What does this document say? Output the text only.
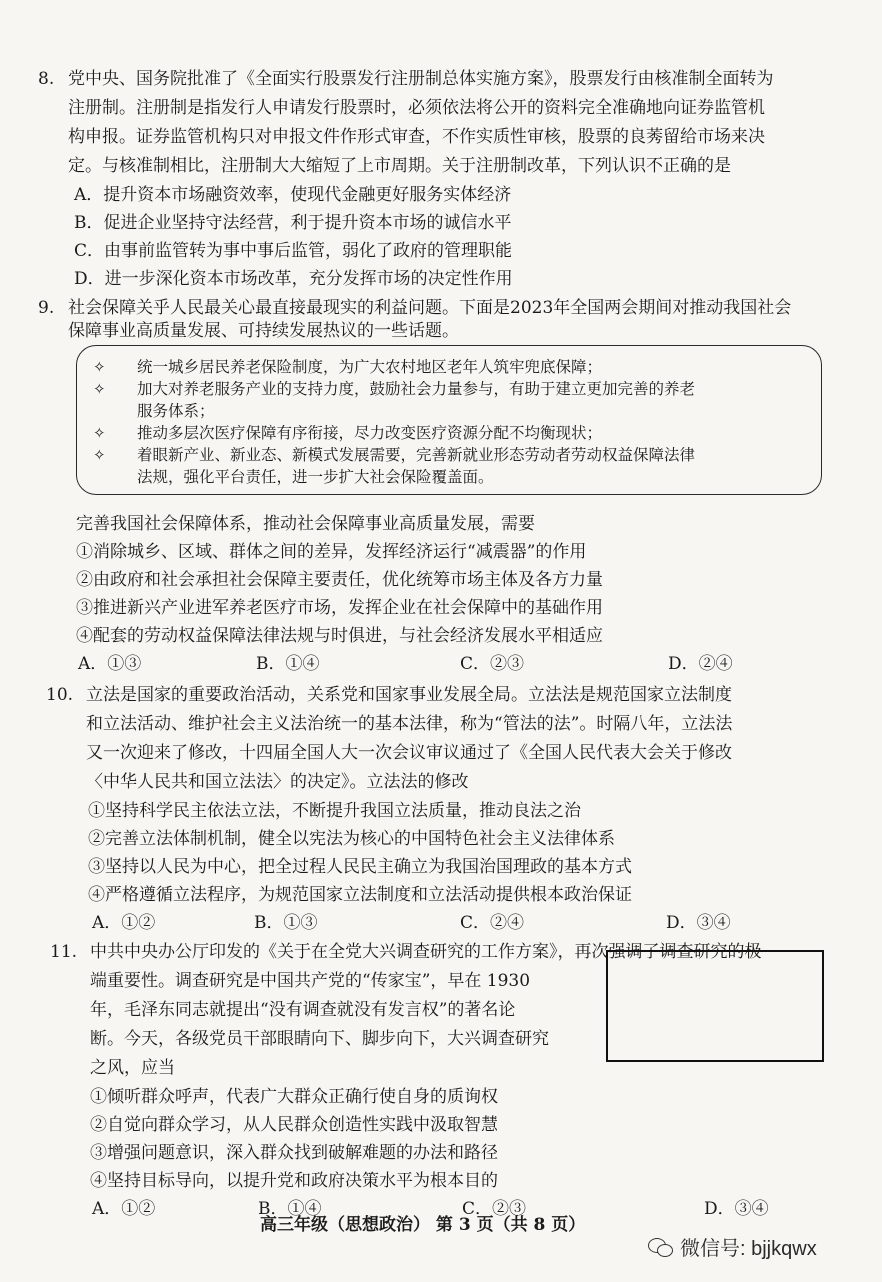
8. 党中央、国务院批准了《全面实行股票发行注册制总体实施方案》，股票发行由核准制全面转为
注册制。注册制是指发行人申请发行股票时，必须依法将公开的资料完全准确地向证券监管机
构申报。证券监管机构只对申报文件作形式审查，不作实质性审核，股票的良莠留给市场来决
定。与核准制相比，注册制大大缩短了上市周期。关于注册制改革，下列认识不正确的是
A．提升资本市场融资效率，使现代金融更好服务实体经济
B．促进企业坚持守法经营，利于提升资本市场的诚信水平
C．由事前监管转为事中事后监管，弱化了政府的管理职能
D．进一步深化资本市场改革，充分发挥市场的决定性作用
9. 社会保障关乎人民最关心最直接最现实的利益问题。下面是2023年全国两会期间对推动我国社会
保障事业高质量发展、可持续发展热议的一些话题。
✧ 统一城乡居民养老保险制度，为广大农村地区老年人筑牢兜底保障；
✧ 加大对养老服务产业的支持力度，鼓励社会力量参与，有助于建立更加完善的养老
服务体系；
✧ 推动多层次医疗保障有序衔接，尽力改变医疗资源分配不均衡现状；
✧ 着眼新产业、新业态、新模式发展需要，完善新就业形态劳动者劳动权益保障法律
法规，强化平台责任，进一步扩大社会保险覆盖面。
完善我国社会保障体系，推动社会保障事业高质量发展，需要
①消除城乡、区域、群体之间的差异，发挥经济运行“减震器”的作用
②由政府和社会承担社会保障主要责任，优化统筹市场主体及各方力量
③推进新兴产业进军养老医疗市场，发挥企业在社会保障中的基础作用
④配套的劳动权益保障法律法规与时俱进，与社会经济发展水平相适应
A．①③	B．①④	C．②③	D．②④
10. 立法是国家的重要政治活动，关系党和国家事业发展全局。立法法是规范国家立法制度
和立法活动、维护社会主义法治统一的基本法律，称为“管法的法”。时隔八年，立法法
又一次迎来了修改，十四届全国人大一次会议审议通过了《全国人民代表大会关于修改
〈中华人民共和国立法法〉的决定》。立法法的修改
①坚持科学民主依法立法，不断提升我国立法质量，推动良法之治
②完善立法体制机制，健全以宪法为核心的中国特色社会主义法律体系
③坚持以人民为中心，把全过程人民民主确立为我国治国理政的基本方式
④严格遵循立法程序，为规范国家立法制度和立法活动提供根本政治保证
A．①②	B．①③	C．②④	D．③④
11. 中共中央办公厅印发的《关于在全党大兴调查研究的工作方案》，再次强调了调查研究的极
端重要性。调查研究是中国共产党的“传家宝”，早在 1930
年，毛泽东同志就提出“没有调查就没有发言权”的著名论
断。今天，各级党员干部眼睛向下、脚步向下，大兴调查研究
之风，应当
①倾听群众呼声，代表广大群众正确行使自身的质询权
②自觉向群众学习，从人民群众创造性实践中汲取智慧
③增强问题意识，深入群众找到破解难题的办法和路径
④坚持目标导向，以提升党和政府决策水平为根本目的
A．①②	B．①④	C．②③	D．③④
高三年级（思想政治） 第 3 页（共 8 页）
微信号: bjjkqwx
